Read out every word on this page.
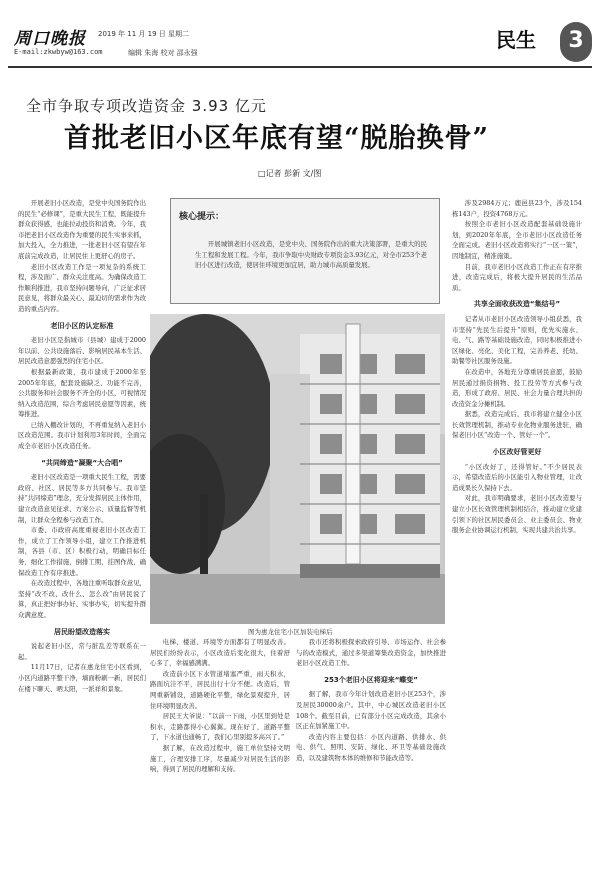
周口晚报
E-mail:zkwbyw@163.com
2019 年 11 月 19 日 星期二
编辑 朱海 校对 邵永强
民生	3
全市争取专项改造资金 3.93 亿元
首批老旧小区年底有望“脱胎换骨”
□记者 彭新 文/图
核心提示：
开展城镇老旧小区改造，是党中央、国务院作出的重大决策部署，是重大的民生工程和发展工程。今年，我市争取中央财政专项资金3.93亿元，对全市253个老旧小区进行改造，使居住环境更加宜居，助力城市高质量发展。

开展老旧小区改造，是党中央国务院作出的民生“必修课”，是重大民生工程，既能提升群众获得感，也能拉动投资和消费。今年，我市把老旧小区改造作为重要的民生实事来抓，加大投入，全力推进，一批老旧小区有望在年底前完成改造，让居民住上更舒心的房子。

老旧小区改造工作是一项复杂的系统工程，涉及面广、群众关注度高。为确保改造工作顺利推进，我市坚持问题导向，广泛征求居民意见，将群众最关心、最迫切的需求作为改造的重点内容。

老旧小区的认定标准

老旧小区是指城市（县城）建成于2000年以前、公共设施落后、影响居民基本生活、居民改造意愿强烈的住宅小区。

根据最新政策，我市建成于2000年至2005年年底，配套设施缺乏、功能不完善，公共服务和社会服务不齐全的小区，可视情况纳入改造范围，综合考虑居民意愿等因素，统筹推进。

已纳入棚改计划的，不再重复纳入老旧小区改造范围。我市计划利用3年时间，全面完成全市老旧小区改造任务。

“共同缔造”凝聚“大合唱”

老旧小区改造是一项重大民生工程，需要政府、社区、居民等多方共同参与。我市坚持“共同缔造”理念，充分发挥居民主体作用，建立改造意见征求、方案公示、质量监督等机制，让群众全程参与改造工作。

市委、市政府高度重视老旧小区改造工作，成立了工作领导小组，建立工作推进机制，各县（市、区）积极行动，明确目标任务，细化工作措施，倒排工期，挂图作战，确保改造工作有序推进。

在改造过程中，各地注重听取群众意见，坚持“改不改、改什么、怎么改”由居民说了算，真正把好事办好、实事办实，切实提升群众满意度。

居民盼望改造落实

说起老旧小区，常与脏乱差等联系在一起。

11月17日，记者在惠龙住宅小区看到，小区内道路平整干净，墙面粉刷一新，居民们在楼下聊天、晒太阳，一派祥和景象。

电梯、楼道、环境等方面都有了明显改善。居民们纷纷表示，小区改造后变化很大，住着舒心多了，幸福感满满。

改造前小区下水管道堵塞严重，雨天积水，路面坑洼不平，居民出行十分不便。改造后，管网重新铺设，道路硬化平整，绿化景观提升，居住环境明显改善。

居民王大爷说：“以前一下雨，小区里到处是积水，走路都得小心翼翼。现在好了，道路平整了，下水道也通畅了，我们心里别提多高兴了。”

据了解，在改造过程中，施工单位坚持文明施工，合理安排工序，尽量减少对居民生活的影响，得到了居民的理解和支持。

我市还将积极探索政府引导、市场运作、社会参与的改造模式，通过多渠道筹集改造资金，加快推进老旧小区改造工作。

253个老旧小区将迎来“蝶变”

据了解，我市今年计划改造老旧小区253个，涉及居民30000余户。其中，中心城区改造老旧小区108个。截至目前，已有部分小区完成改造，其余小区正在加紧施工中。

改造内容主要包括：小区内道路、供排水、供电、供气、照明、安防、绿化、环卫等基础设施改造，以及建筑物本体的维修和节能改造等。

涉及2984万元；鹿邑县23个，涉及154栋143户，投资4768万元。

按照全市老旧小区改造配套基础设施计划，到2020年年底，全市老旧小区改造任务全面完成。老旧小区改造将实行“一区一策”，因地制宜，精准施策。

目前，我市老旧小区改造工作正在有序推进，改造完成后，将极大提升居民的生活品质。

共享全面收获改造“集结号”

记者从市老旧小区改造领导小组获悉，我市坚持“先民生后提升”原则，优先实施水、电、气、路等基础设施改造，同时积极推进小区绿化、亮化、美化工程，完善养老、托幼、助餐等社区服务设施。

在改造中，各地充分尊重居民意愿，鼓励居民通过捐资捐物、投工投劳等方式参与改造，形成了政府、居民、社会力量合理共担的改造资金分摊机制。

据悉，改造完成后，我市将建立健全小区长效管理机制，推动专业化物业服务进驻，确保老旧小区“改造一个、管好一个”。

小区改好管更好

“小区改好了，还得管好。”不少居民表示，希望改造后的小区能引入物业管理，让改造成果长久保持下去。

对此，我市明确要求，老旧小区改造要与建立小区长效管理机制相结合，推动建立党建引领下的社区居民委员会、业主委员会、物业服务企业协调运行机制，实现共建共治共享。

图为惠龙住宅小区加装电梯后
